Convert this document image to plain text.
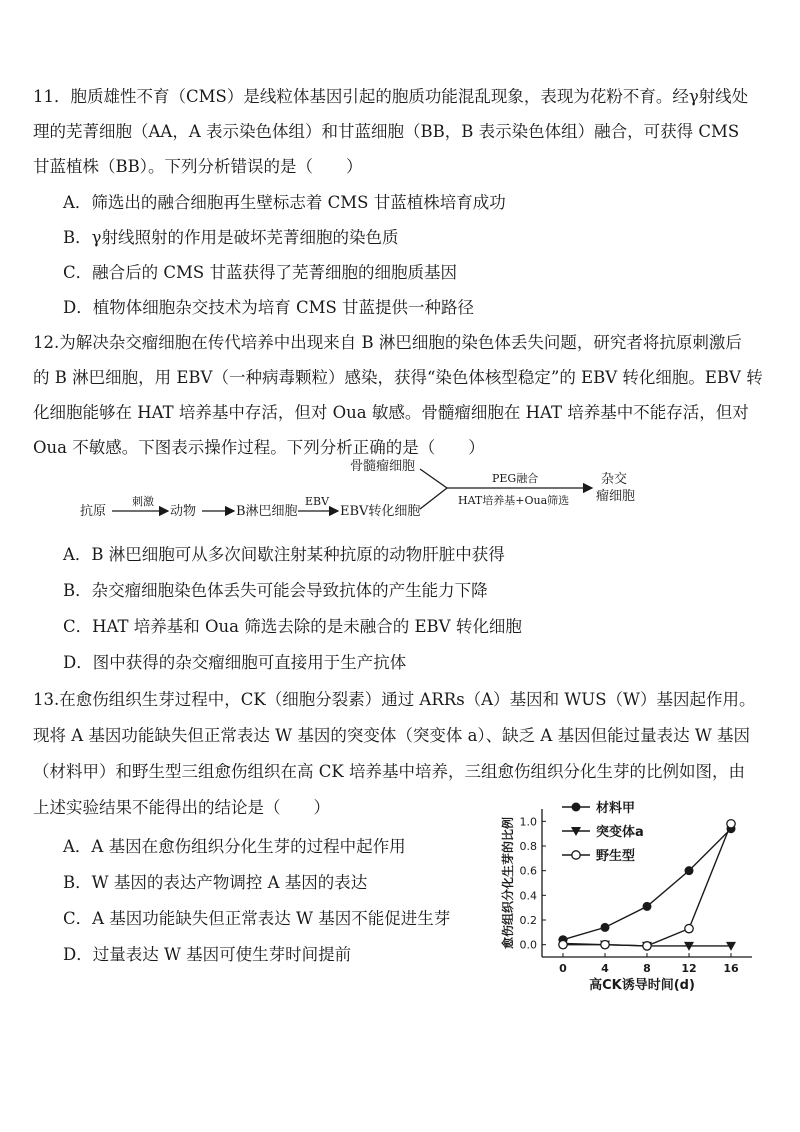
11．胞质雄性不育（CMS）是线粒体基因引起的胞质功能混乱现象，表现为花粉不育。经γ射线处
理的芜菁细胞（AA，A 表示染色体组）和甘蓝细胞（BB，B 表示染色体组）融合，可获得 CMS
甘蓝植株（BB）。下列分析错误的是（　　）
A．筛选出的融合细胞再生壁标志着 CMS 甘蓝植株培育成功
B．γ射线照射的作用是破坏芜菁细胞的染色质
C．融合后的 CMS 甘蓝获得了芜菁细胞的细胞质基因
D．植物体细胞杂交技术为培育 CMS 甘蓝提供一种路径
12.为解决杂交瘤细胞在传代培养中出现来自 B 淋巴细胞的染色体丢失问题，研究者将抗原刺激后
的 B 淋巴细胞，用 EBV（一种病毒颗粒）感染，获得“染色体核型稳定”的 EBV 转化细胞。EBV 转
化细胞能够在 HAT 培养基中存活，但对 Oua 敏感。骨髓瘤细胞在 HAT 培养基中不能存活，但对
Oua 不敏感。下图表示操作过程。下列分析正确的是（　　）
抗原
刺激
动物	B淋巴细胞
EBV
EBV转化细胞
骨髓瘤细胞
PEG融合
HAT培养基+Oua筛选
杂交
瘤细胞
A．B 淋巴细胞可从多次间歇注射某种抗原的动物肝脏中获得
B．杂交瘤细胞染色体丢失可能会导致抗体的产生能力下降
C．HAT 培养基和 Oua 筛选去除的是未融合的 EBV 转化细胞
D．图中获得的杂交瘤细胞可直接用于生产抗体
13.在愈伤组织生芽过程中，CK（细胞分裂素）通过 ARRs（A）基因和 WUS（W）基因起作用。
现将 A 基因功能缺失但正常表达 W 基因的突变体（突变体 a）、缺乏 A 基因但能过量表达 W 基因
（材料甲）和野生型三组愈伤组织在高 CK 培养基中培养，三组愈伤组织分化生芽的比例如图，由
上述实验结果不能得出的结论是（　　）
A．A 基因在愈伤组织分化生芽的过程中起作用
B．W 基因的表达产物调控 A 基因的表达
C．A 基因功能缺失但正常表达 W 基因不能促进生芽
D．过量表达 W 基因可使生芽时间提前	0.0
0.2
0.4
0.6
0.8
1.0
0	4	8	12 16
高CK诱导时间(d)
愈伤组织分化生芽的比例
材料甲
突变体a
野生型
